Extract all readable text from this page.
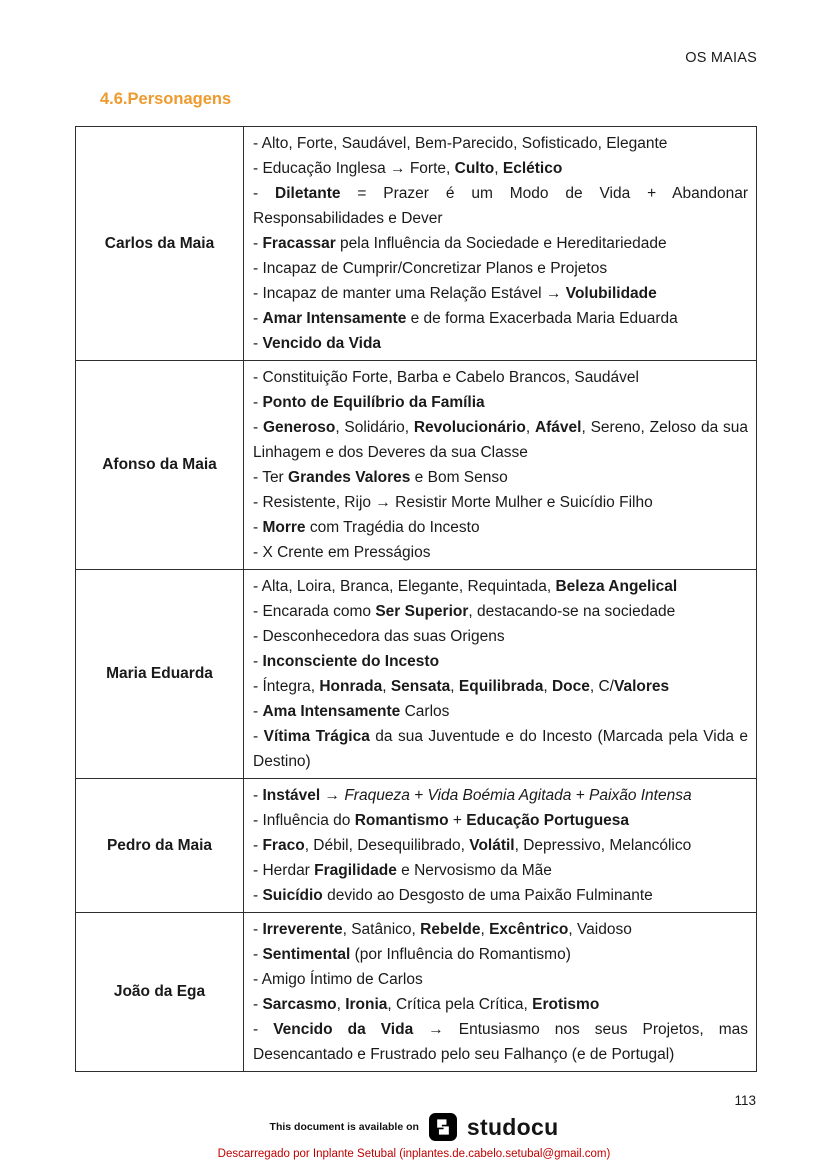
OS MAIAS
4.6.Personagens
Carlos da Maia	
- Alto, Forte, Saudável, Bem-Parecido, Sofisticado, Elegante
- Educação Inglesa → Forte, Culto, Eclético
- Diletante = Prazer é um Modo de Vida + Abandonar Responsabilidades e Dever
- Fracassar pela Influência da Sociedade e Hereditariedade
- Incapaz de Cumprir/Concretizar Planos e Projetos
- Incapaz de manter uma Relação Estável → Volubilidade
- Amar Intensamente e de forma Exacerbada Maria Eduarda
- Vencido da Vida

Afonso da Maia	
- Constituição Forte, Barba e Cabelo Brancos, Saudável
- Ponto de Equilíbrio da Família
- Generoso, Solidário, Revolucionário, Afável, Sereno, Zeloso da sua Linhagem e dos Deveres da sua Classe
- Ter Grandes Valores e Bom Senso
- Resistente, Rijo → Resistir Morte Mulher e Suicídio Filho
- Morre com Tragédia do Incesto
- X Crente em Presságios

Maria Eduarda	
- Alta, Loira, Branca, Elegante, Requintada, Beleza Angelical
- Encarada como Ser Superior, destacando-se na sociedade
- Desconhecedora das suas Origens
- Inconsciente do Incesto
- Íntegra, Honrada, Sensata, Equilibrada, Doce, C/Valores
- Ama Intensamente Carlos
- Vítima Trágica da sua Juventude e do Incesto (Marcada pela Vida e Destino)

Pedro da Maia	- Instável → Fraqueza + Vida Boémia Agitada + Paixão Intensa
- Influência do Romantismo + Educação Portuguesa
- Fraco, Débil, Desequilibrado, Volátil, Depressivo, Melancólico
- Herdar Fragilidade e Nervosismo da Mãe
- Suicídio devido ao Desgosto de uma Paixão Fulminante

João da Ega	- Irreverente, Satânico, Rebelde, Excêntrico, Vaidoso
- Sentimental (por Influência do Romantismo)
- Amigo Íntimo de Carlos
- Sarcasmo, Ironia, Crítica pela Crítica, Erotismo
- Vencido da Vida → Entusiasmo nos seus Projetos, mas Desencantado e Frustrado pelo seu Falhanço (e de Portugal)
113
This document is available on studocu
Descarregado por Inplante Setubal (inplantes.de.cabelo.setubal@gmail.com)
